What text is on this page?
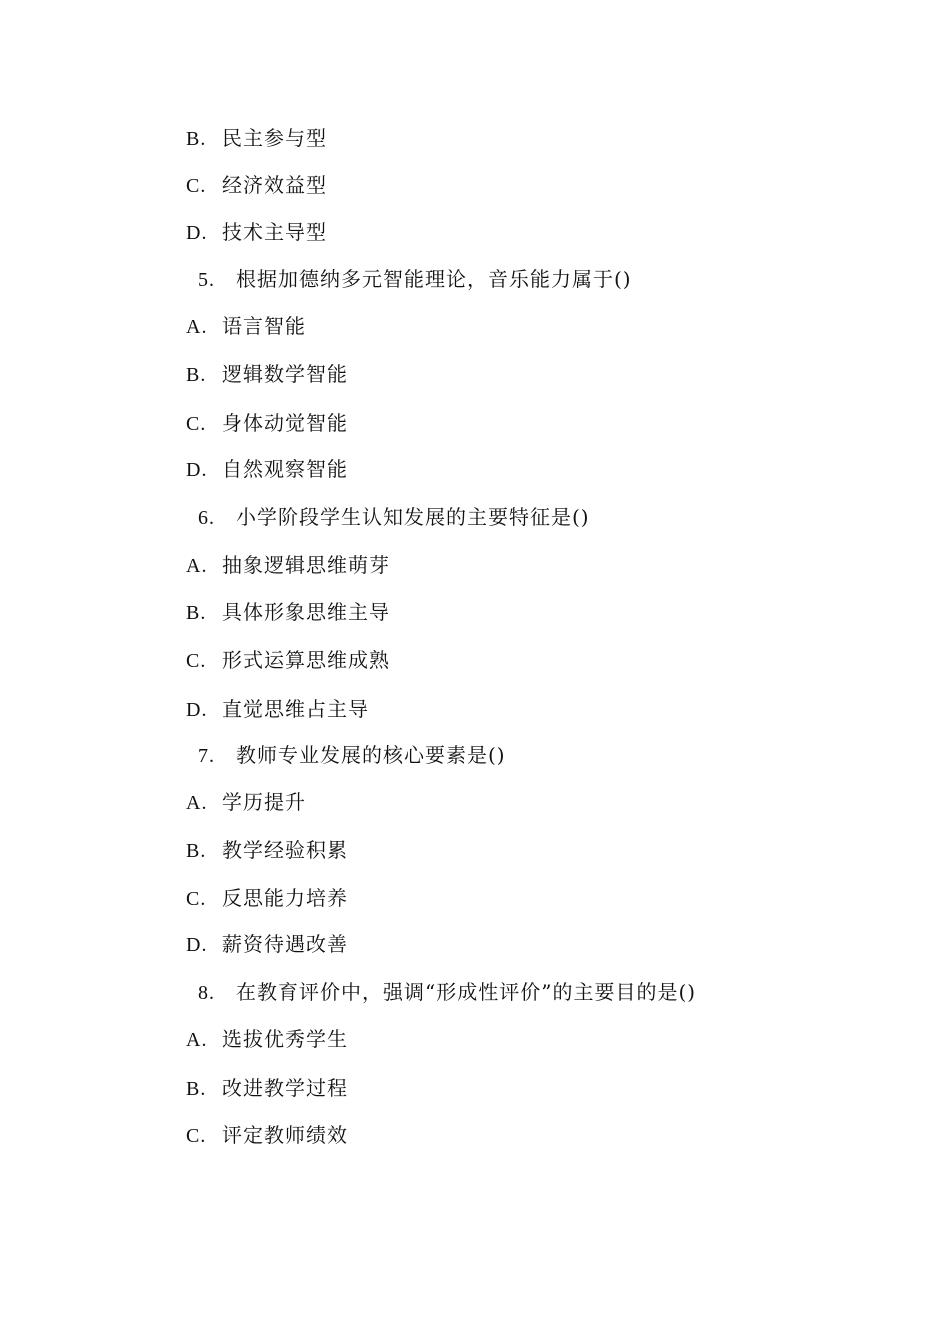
B. 民主参与型
C. 经济效益型
D. 技术主导型
5. 根据加德纳多元智能理论，音乐能力属于()
A. 语言智能
B. 逻辑数学智能
C. 身体动觉智能
D. 自然观察智能
6. 小学阶段学生认知发展的主要特征是()
A. 抽象逻辑思维萌芽
B. 具体形象思维主导
C. 形式运算思维成熟
D. 直觉思维占主导
7. 教师专业发展的核心要素是()
A. 学历提升
B. 教学经验积累
C. 反思能力培养
D. 薪资待遇改善
8. 在教育评价中，强调“形成性评价”的主要目的是()
A. 选拔优秀学生
B. 改进教学过程
C. 评定教师绩效
